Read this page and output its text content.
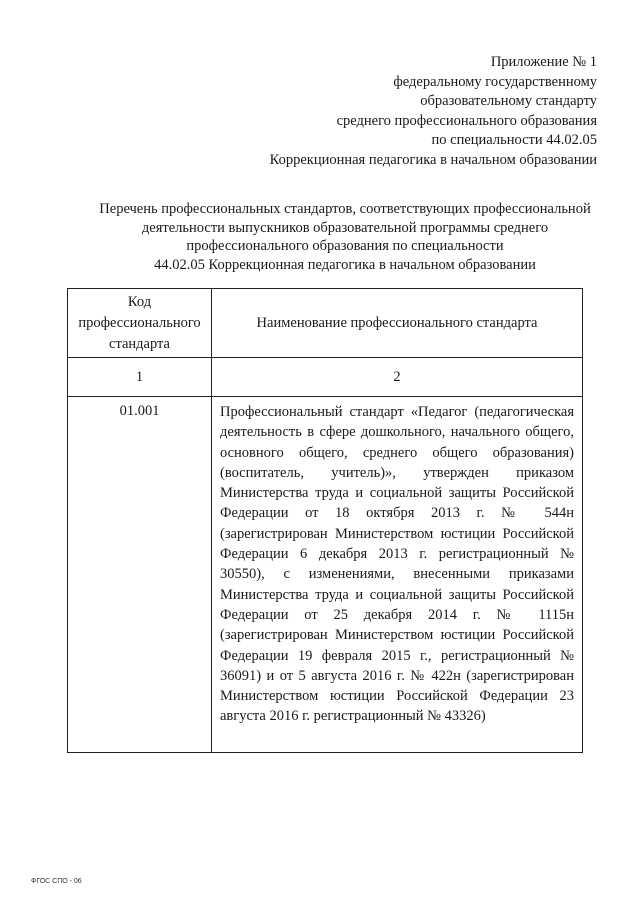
Приложение № 1
федеральному государственному
образовательному стандарту
среднего профессионального образования
по специальности 44.02.05
Коррекционная педагогика в начальном образовании
Перечень профессиональных стандартов, соответствующих профессиональной
деятельности выпускников образовательной программы среднего
профессионального образования по специальности
44.02.05 Коррекционная педагогика в начальном образовании
Код профессионального стандарта	Наименование профессионального стандарта
1	2
01.001	Профессиональный стандарт «Педагог (педагогическая деятельность в сфере дошкольного, начального общего, основного общего, среднего общего образования) (воспитатель, учитель)», утвержден приказом Министерства труда и социальной защиты Российской Федерации от 18 октября 2013 г. № 544н (зарегистрирован Министерством юстиции Российской Федерации 6 декабря 2013 г. регистрационный № 30550), с изменениями, внесенными приказами Министерства труда и социальной защиты Российской Федерации от 25 декабря 2014 г. № 1115н (зарегистрирован Министерством юстиции Российской Федерации 19 февраля 2015 г., регистрационный № 36091) и от 5 августа 2016 г. № 422н (зарегистрирован Министерством юстиции Российской Федерации 23 августа 2016 г. регистрационный № 43326)
ФГОС СПО - 06
